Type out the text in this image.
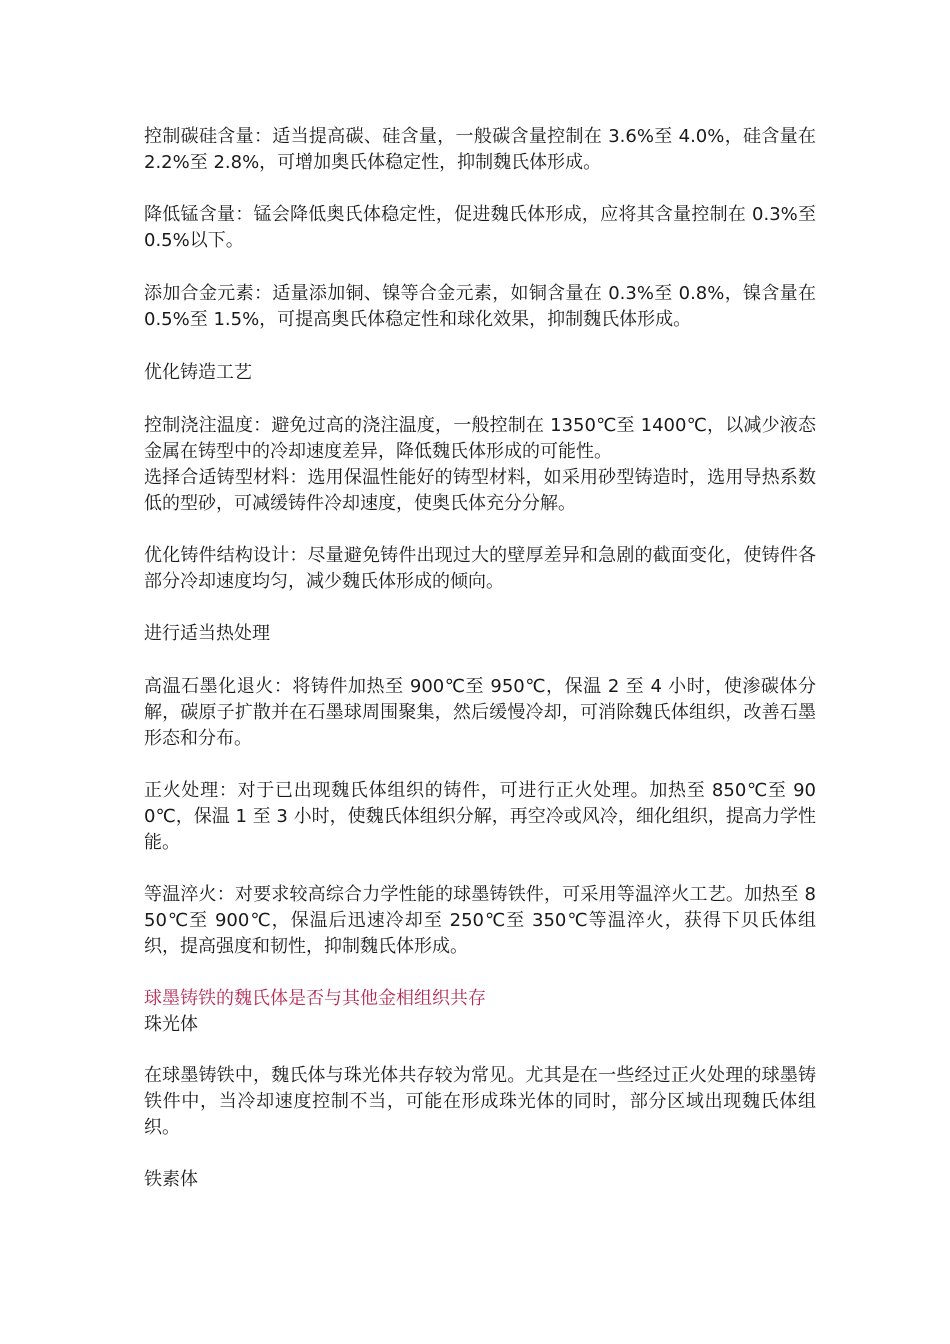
控制碳硅含量：适当提高碳、硅含量，一般碳含量控制在 3.6%至 4.0%，硅含量在 2.2%至 2.8%，可增加奥氏体稳定性，抑制魏氏体形成。

降低锰含量：锰会降低奥氏体稳定性，促进魏氏体形成，应将其含量控制在 0.3%至 0.5%以下。

添加合金元素：适量添加铜、镍等合金元素，如铜含量在 0.3%至 0.8%，镍含量在 0.5%至 1.5%，可提高奥氏体稳定性和球化效果，抑制魏氏体形成。

优化铸造工艺

控制浇注温度：避免过高的浇注温度，一般控制在 1350℃至 1400℃，以减少液态金属在铸型中的冷却速度差异，降低魏氏体形成的可能性。

选择合适铸型材料：选用保温性能好的铸型材料，如采用砂型铸造时，选用导热系数低的型砂，可减缓铸件冷却速度，使奥氏体充分分解。

优化铸件结构设计：尽量避免铸件出现过大的壁厚差异和急剧的截面变化，使铸件各部分冷却速度均匀，减少魏氏体形成的倾向。

进行适当热处理

高温石墨化退火：将铸件加热至 900℃至 950℃，保温 2 至 4 小时，使渗碳体分解，碳原子扩散并在石墨球周围聚集，然后缓慢冷却，可消除魏氏体组织，改善石墨形态和分布。

正火处理：对于已出现魏氏体组织的铸件，可进行正火处理。加热至 850℃至 900℃，保温 1 至 3 小时，使魏氏体组织分解，再空冷或风冷，细化组织，提高力学性能。

等温淬火：对要求较高综合力学性能的球墨铸铁件，可采用等温淬火工艺。加热至 850℃至 900℃，保温后迅速冷却至 250℃至 350℃等温淬火，获得下贝氏体组织，提高强度和韧性，抑制魏氏体形成。

球墨铸铁的魏氏体是否与其他金相组织共存

珠光体

在球墨铸铁中，魏氏体与珠光体共存较为常见。尤其是在一些经过正火处理的球墨铸铁件中，当冷却速度控制不当，可能在形成珠光体的同时，部分区域出现魏氏体组织。

铁素体
